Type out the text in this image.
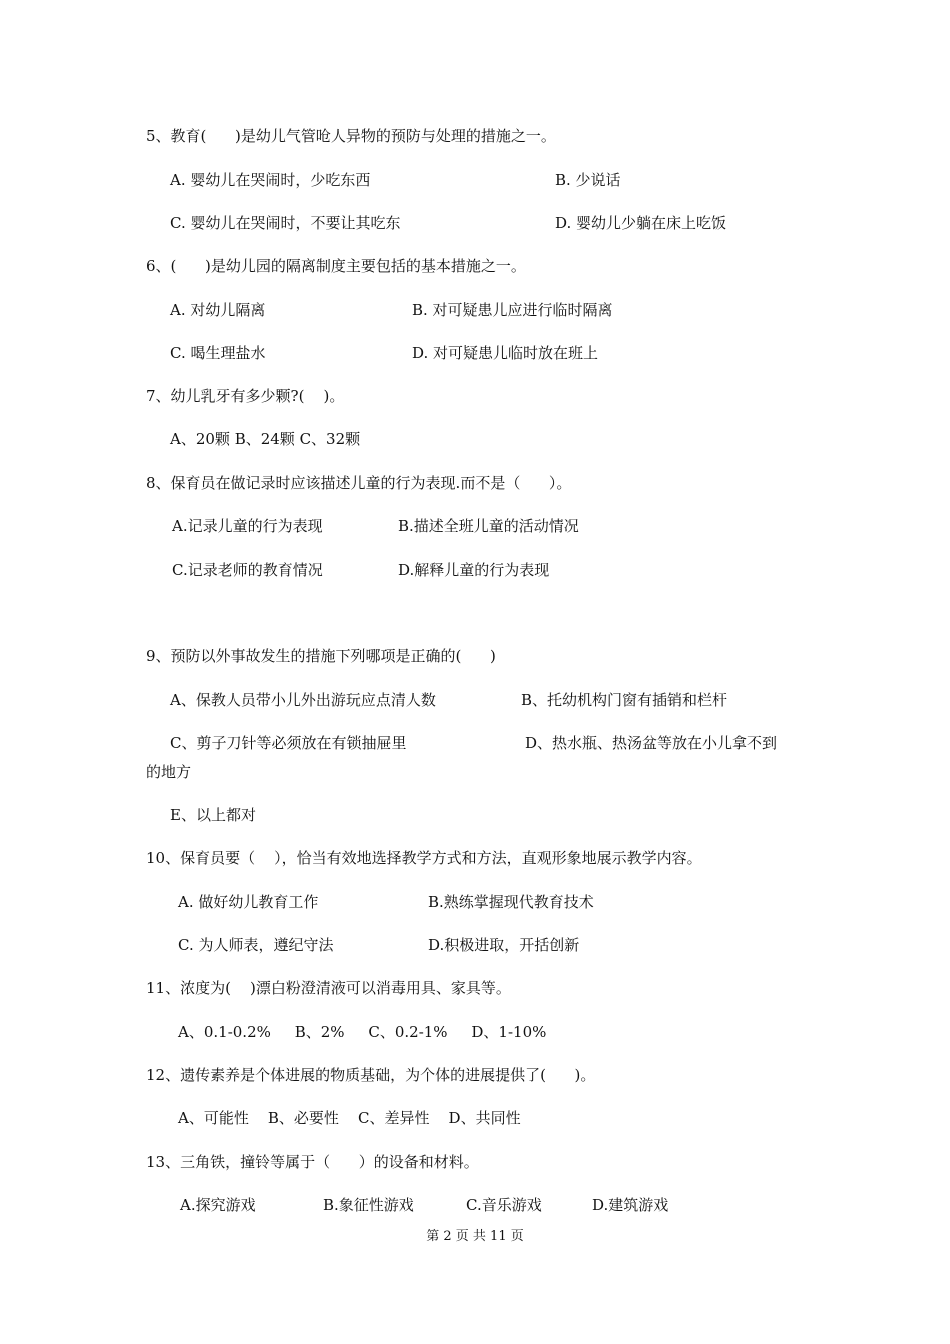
5、教育(      )是幼儿气管呛人异物的预防与处理的措施之一。
A. 婴幼儿在哭闹时，少吃东西	B. 少说话
C. 婴幼儿在哭闹时，不要让其吃东	D. 婴幼儿少躺在床上吃饭
6、(      )是幼儿园的隔离制度主要包括的基本措施之一。
A. 对幼儿隔离	B. 对可疑患儿应进行临时隔离
C. 喝生理盐水	D. 对可疑患儿临时放在班上
7、幼儿乳牙有多少颗?(    )。
A、20颗 B、24颗 C、32颗
8、保育员在做记录时应该描述儿童的行为表现.而不是（      ）。
A.记录儿童的行为表现	B.描述全班儿童的活动情况
C.记录老师的教育情况	D.解释儿童的行为表现
9、预防以外事故发生的措施下列哪项是正确的(      )
A、保教人员带小儿外出游玩应点清人数	B、托幼机构门窗有插销和栏杆
C、剪子刀针等必须放在有锁抽屉里	D、热水瓶、热汤盆等放在小儿拿不到
的地方
E、以上都对
10、保育员要（    ），恰当有效地选择教学方式和方法，直观形象地展示教学内容。
A. 做好幼儿教育工作	B.熟练掌握现代教育技术
C. 为人师表，遵纪守法	D.积极进取，开括创新
11、浓度为(    )漂白粉澄清液可以消毒用具、家具等。
A、0.1-0.2%     B、2%     C、0.2-1%     D、1-10%
12、遗传素养是个体进展的物质基础，为个体的进展提供了(      )。
A、可能性    B、必要性    C、差异性    D、共同性
13、三角铁，撞铃等属于（      ）的设备和材料。
A.探究游戏	B.象征性游戏	C.音乐游戏	D.建筑游戏
第 2 页 共 11 页
